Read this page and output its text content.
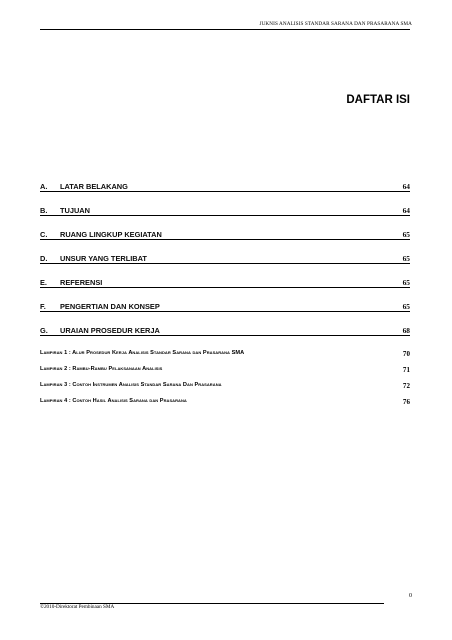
JUKNIS ANALISIS STANDAR SARANA DAN PRASARANA SMA
DAFTAR ISI
A. LATAR BELAKANG	64
B. TUJUAN	64
C. RUANG LINGKUP KEGIATAN	65
D. UNSUR YANG TERLIBAT	65
E. REFERENSI	65
F. PENGERTIAN DAN KONSEP	65
G. URAIAN PROSEDUR KERJA	68
Lampiran 1 : Alur Prosedur Kerja Analisis Standar Sarana dan Prasarana SMA	70
Lampiran 2 : Rambu-Rambu Pelaksanaan Analisis	71
Lampiran 3 : Contoh Instrumen Analisis Standar Sarana Dan Prasarana	72
Lampiran 4 : Contoh Hasil Analisis Sarana dan Prasarana	76
0
©2010-Direktorat Pembinaan SMA
